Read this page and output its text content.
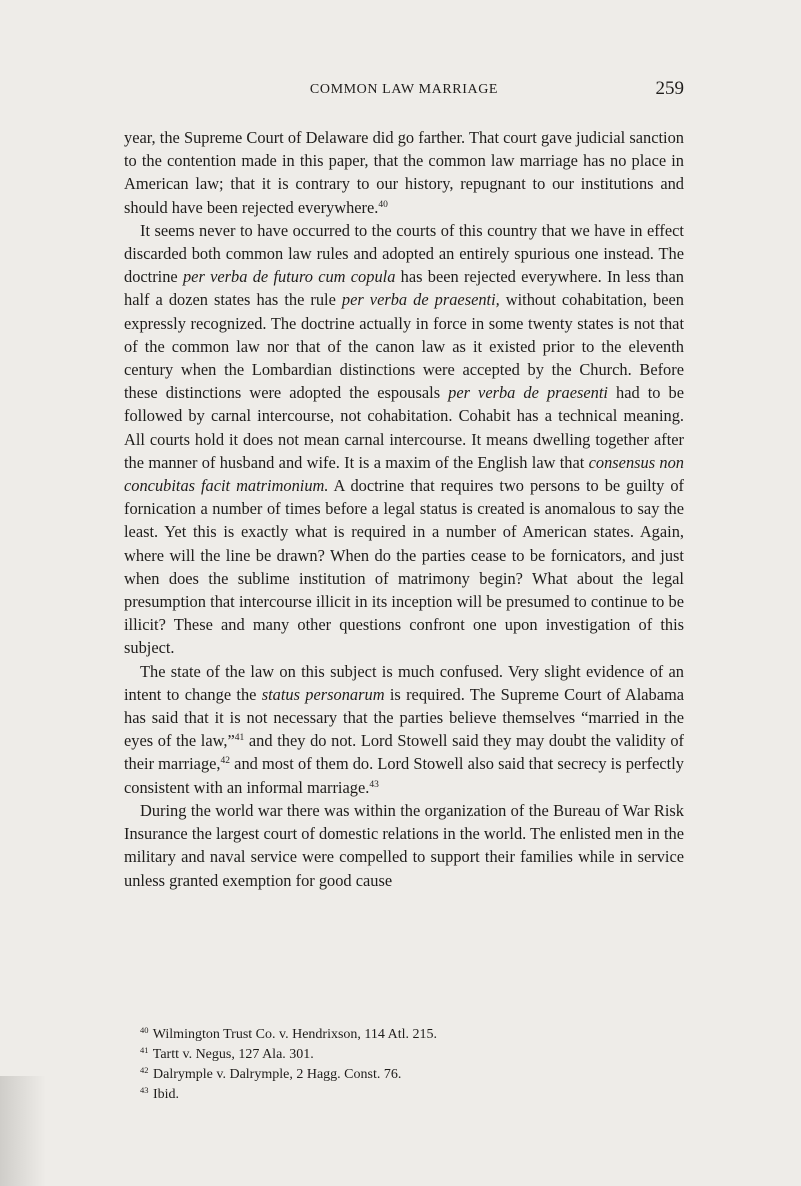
COMMON LAW MARRIAGE	259

year, the Supreme Court of Delaware did go farther. That court gave judicial sanction to the contention made in this paper, that the common law marriage has no place in American law; that it is contrary to our history, repugnant to our institutions and should have been rejected everywhere.$^{40}$

It seems never to have occurred to the courts of this country that we have in effect discarded both common law rules and adopted an entirely spurious one instead. The doctrine per verba de futuro cum copula has been rejected everywhere. In less than half a dozen states has the rule per verba de praesenti, without cohabitation, been expressly recognized. The doctrine actually in force in some twenty states is not that of the common law nor that of the canon law as it existed prior to the eleventh century when the Lombardian distinctions were accepted by the Church. Before these distinctions were adopted the espousals per verba de praesenti had to be followed by carnal intercourse, not cohabitation. Cohabit has a technical meaning. All courts hold it does not mean carnal intercourse. It means dwelling together after the manner of husband and wife. It is a maxim of the English law that consensus non concubitas facit matrimonium. A doctrine that requires two persons to be guilty of fornication a number of times before a legal status is created is anomalous to say the least. Yet this is exactly what is required in a number of American states. Again, where will the line be drawn? When do the parties cease to be fornicators, and just when does the sublime institution of matrimony begin? What about the legal presumption that intercourse illicit in its inception will be presumed to continue to be illicit? These and many other questions confront one upon investigation of this subject.

The state of the law on this subject is much confused. Very slight evidence of an intent to change the status personarum is required. The Supreme Court of Alabama has said that it is not necessary that the parties believe themselves “married in the eyes of the law,”$^{41}$ and they do not. Lord Stowell said they may doubt the validity of their marriage,$^{42}$ and most of them do. Lord Stowell also said that secrecy is perfectly consistent with an informal marriage.$^{43}$

During the world war there was within the organization of the Bureau of War Risk Insurance the largest court of domestic relations in the world. The enlisted men in the military and naval service were compelled to support their families while in service unless granted exemption for good cause

$^{40}$ Wilmington Trust Co. v. Hendrixson, 114 Atl. 215.
$^{41}$ Tartt v. Negus, 127 Ala. 301.
$^{42}$ Dalrymple v. Dalrymple, 2 Hagg. Const. 76.
$^{43}$ Ibid.
